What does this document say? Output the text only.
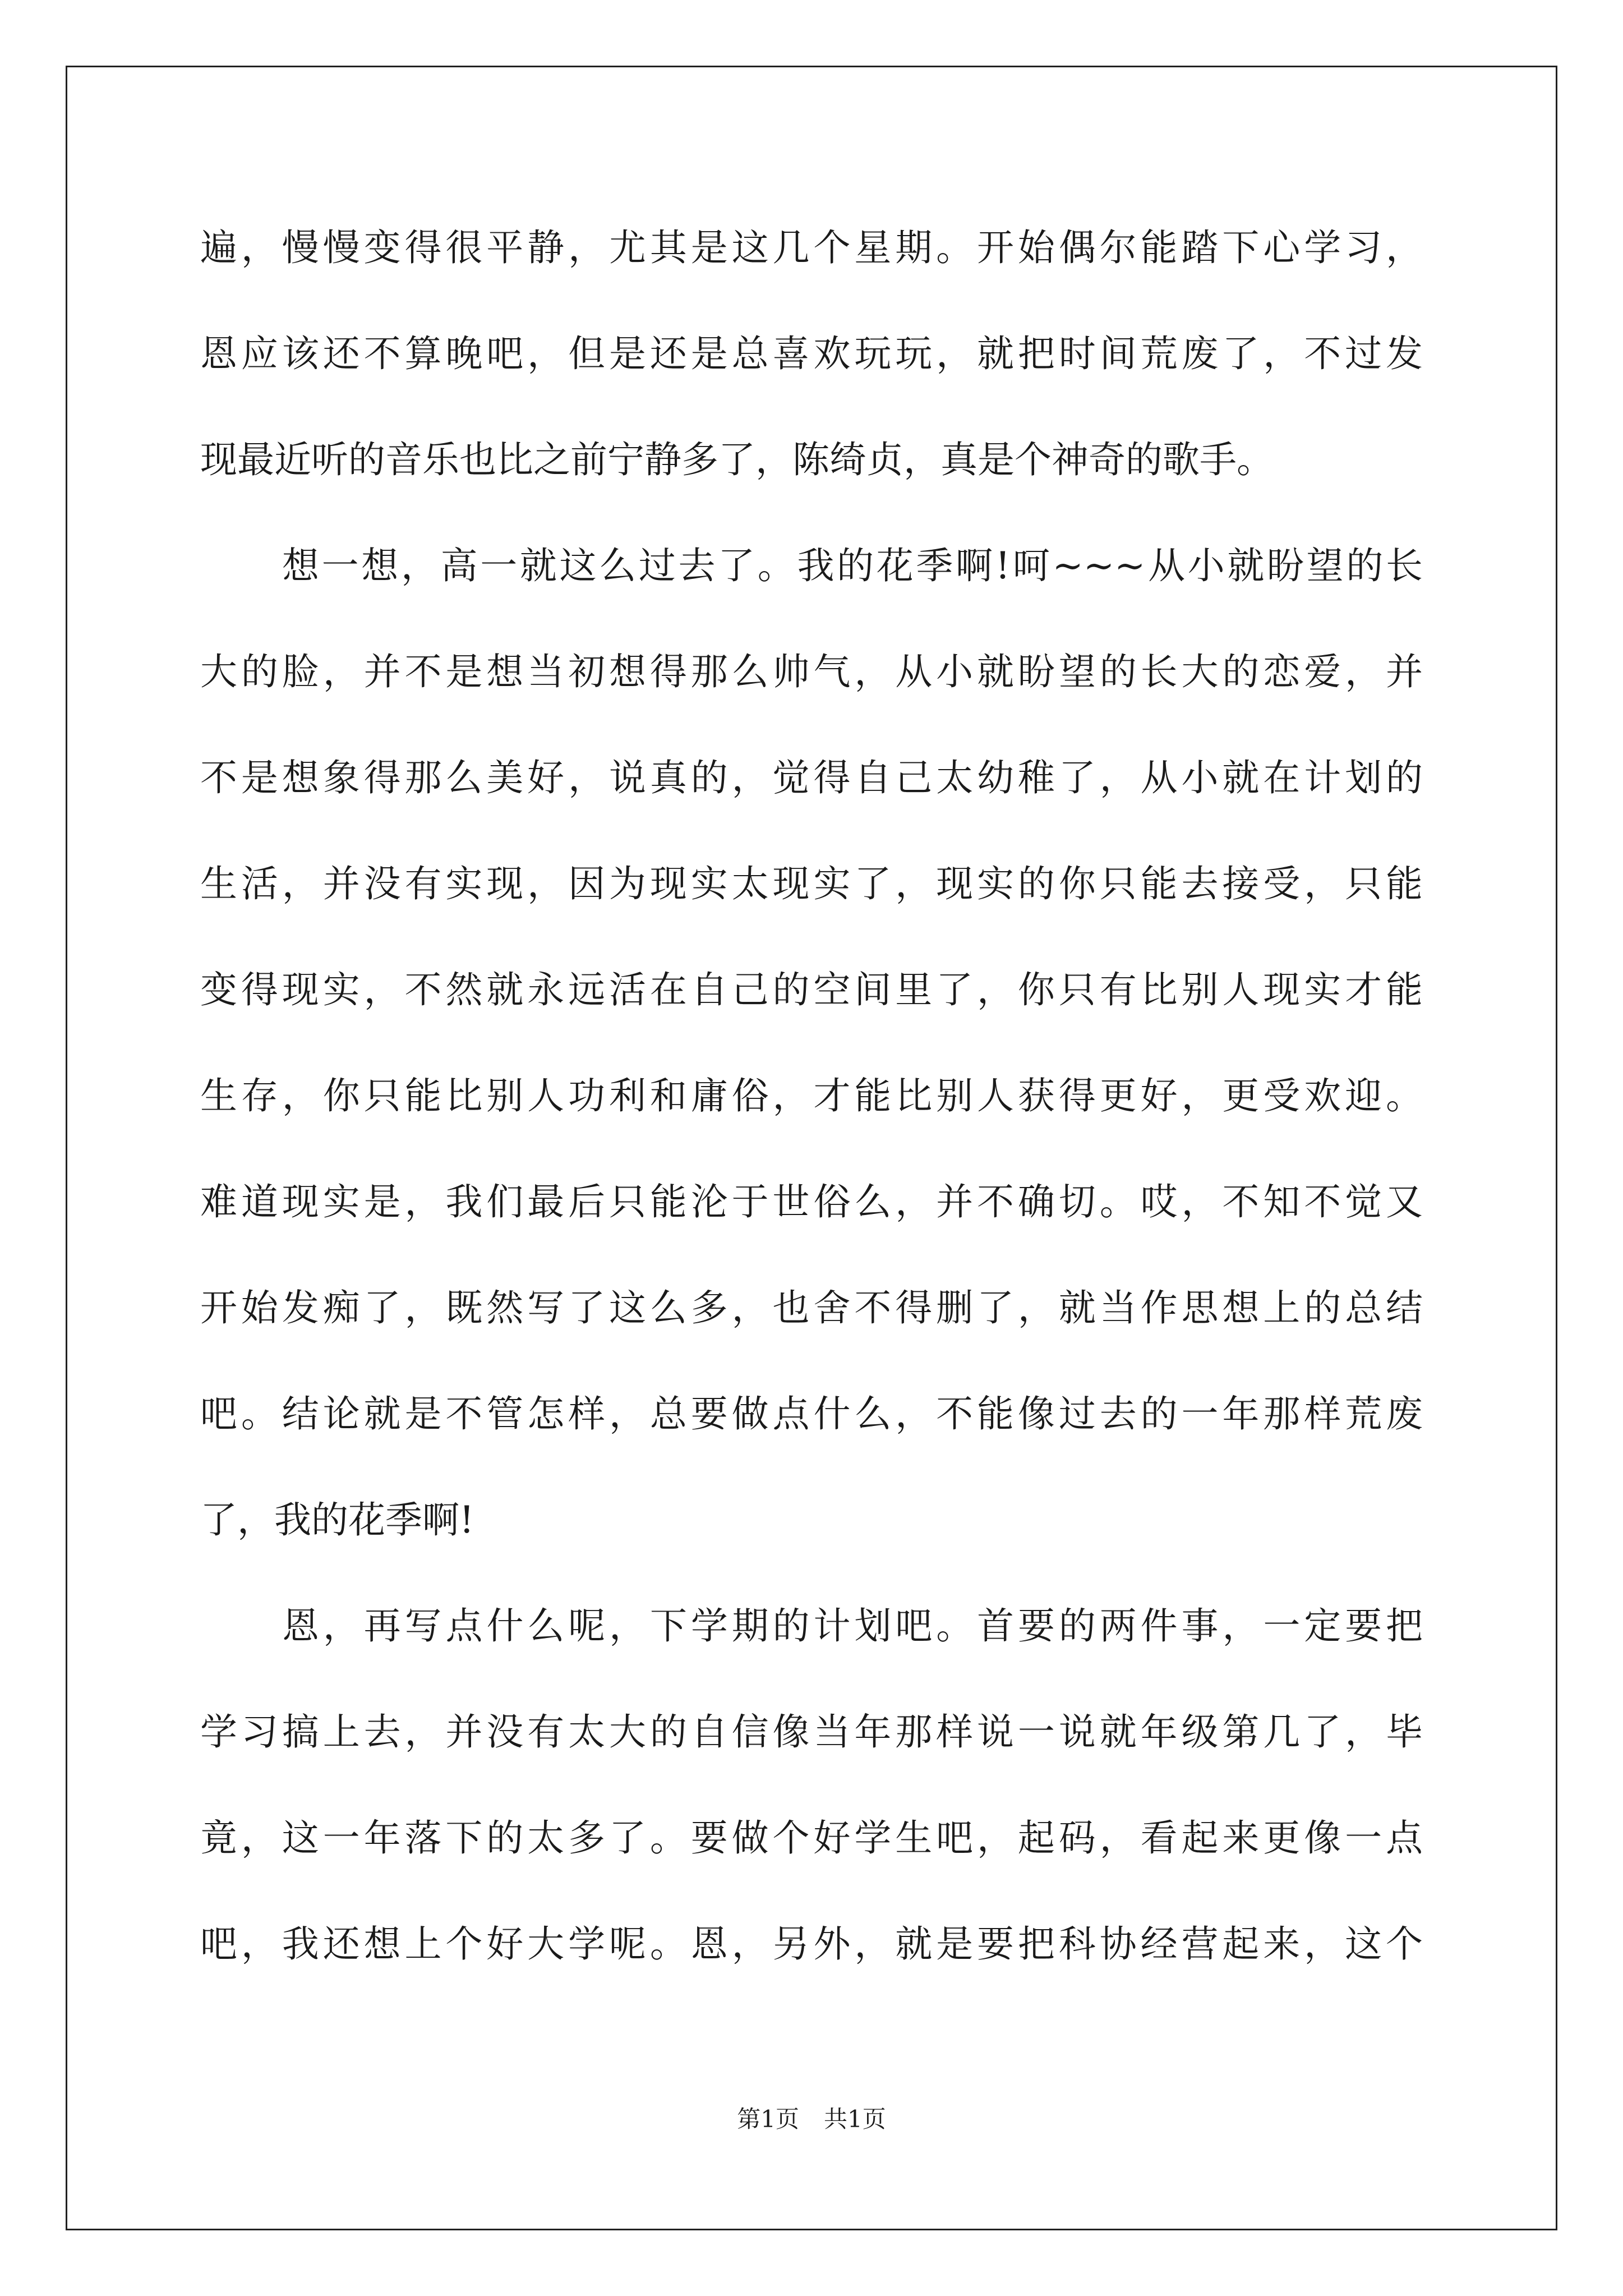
遍，慢慢变得很平静，尤其是这几个星期。开始偶尔能踏下心学习，
恩应该还不算晚吧，但是还是总喜欢玩玩，就把时间荒废了，不过发
现最近听的音乐也比之前宁静多了，陈绮贞，真是个神奇的歌手。
想一想，高一就这么过去了。我的花季啊!呵~~~从小就盼望的长
大的脸，并不是想当初想得那么帅气，从小就盼望的长大的恋爱，并
不是想象得那么美好，说真的，觉得自己太幼稚了，从小就在计划的
生活，并没有实现，因为现实太现实了，现实的你只能去接受，只能
变得现实，不然就永远活在自己的空间里了，你只有比别人现实才能
生存，你只能比别人功利和庸俗，才能比别人获得更好，更受欢迎。
难道现实是，我们最后只能沦于世俗么，并不确切。哎，不知不觉又
开始发痴了，既然写了这么多，也舍不得删了，就当作思想上的总结
吧。结论就是不管怎样，总要做点什么，不能像过去的一年那样荒废
了，我的花季啊!
恩，再写点什么呢，下学期的计划吧。首要的两件事，一定要把
学习搞上去，并没有太大的自信像当年那样说一说就年级第几了，毕
竟，这一年落下的太多了。要做个好学生吧，起码，看起来更像一点
吧，我还想上个好大学呢。恩，另外，就是要把科协经营起来，这个
第1页 共1页
